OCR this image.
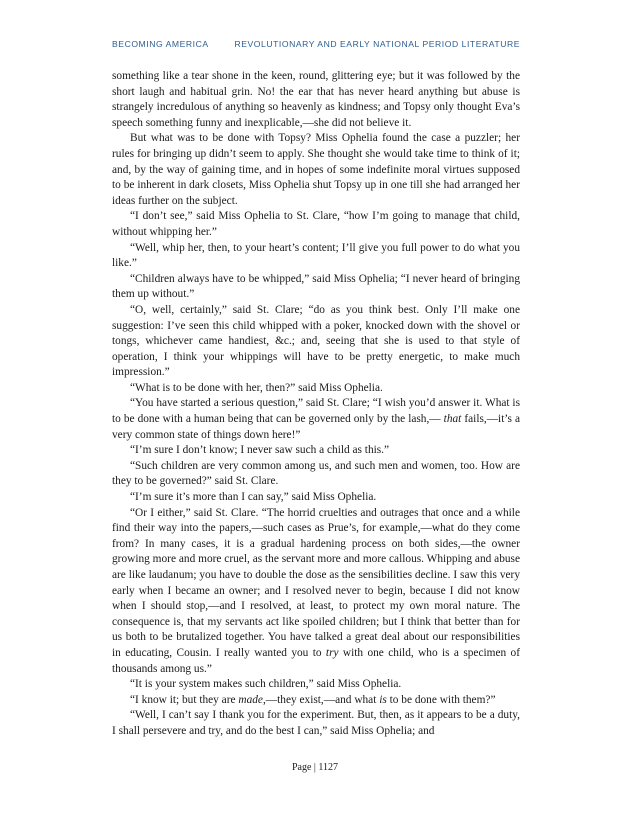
BECOMING AMERICA	REVOLUTIONARY AND EARLY NATIONAL PERIOD LITERATURE

something like a tear shone in the keen, round, glittering eye; but it was followed by the short laugh and habitual grin. No! the ear that has never heard anything but abuse is strangely incredulous of anything so heavenly as kindness; and Topsy only thought Eva’s speech something funny and inexplicable,—she did not believe it.

But what was to be done with Topsy? Miss Ophelia found the case a puzzler; her rules for bringing up didn’t seem to apply. She thought she would take time to think of it; and, by the way of gaining time, and in hopes of some indefinite moral virtues supposed to be inherent in dark closets, Miss Ophelia shut Topsy up in one till she had arranged her ideas further on the subject.

“I don’t see,” said Miss Ophelia to St. Clare, “how I’m going to manage that child, without whipping her.”

“Well, whip her, then, to your heart’s content; I’ll give you full power to do what you like.”

“Children always have to be whipped,” said Miss Ophelia; “I never heard of bringing them up without.”

“O, well, certainly,” said St. Clare; “do as you think best. Only I’ll make one suggestion: I’ve seen this child whipped with a poker, knocked down with the shovel or tongs, whichever came handiest, &c.; and, seeing that she is used to that style of operation, I think your whippings will have to be pretty energetic, to make much impression.”

“What is to be done with her, then?” said Miss Ophelia.

“You have started a serious question,” said St. Clare; “I wish you’d answer it. What is to be done with a human being that can be governed only by the lash,— that fails,—it’s a very common state of things down here!”

“I’m sure I don’t know; I never saw such a child as this.”

“Such children are very common among us, and such men and women, too. How are they to be governed?” said St. Clare.

“I’m sure it’s more than I can say,” said Miss Ophelia.

“Or I either,” said St. Clare. “The horrid cruelties and outrages that once and a while find their way into the papers,—such cases as Prue’s, for example,—what do they come from? In many cases, it is a gradual hardening process on both sides,—the owner growing more and more cruel, as the servant more and more callous. Whipping and abuse are like laudanum; you have to double the dose as the sensibilities decline. I saw this very early when I became an owner; and I resolved never to begin, because I did not know when I should stop,—and I resolved, at least, to protect my own moral nature. The consequence is, that my servants act like spoiled children; but I think that better than for us both to be brutalized together. You have talked a great deal about our responsibilities in educating, Cousin. I really wanted you to try with one child, who is a specimen of thousands among us.”

“It is your system makes such children,” said Miss Ophelia.

“I know it; but they are made,—they exist,—and what is to be done with them?”

“Well, I can’t say I thank you for the experiment. But, then, as it appears to be a duty, I shall persevere and try, and do the best I can,” said Miss Ophelia; and

Page | 1127
